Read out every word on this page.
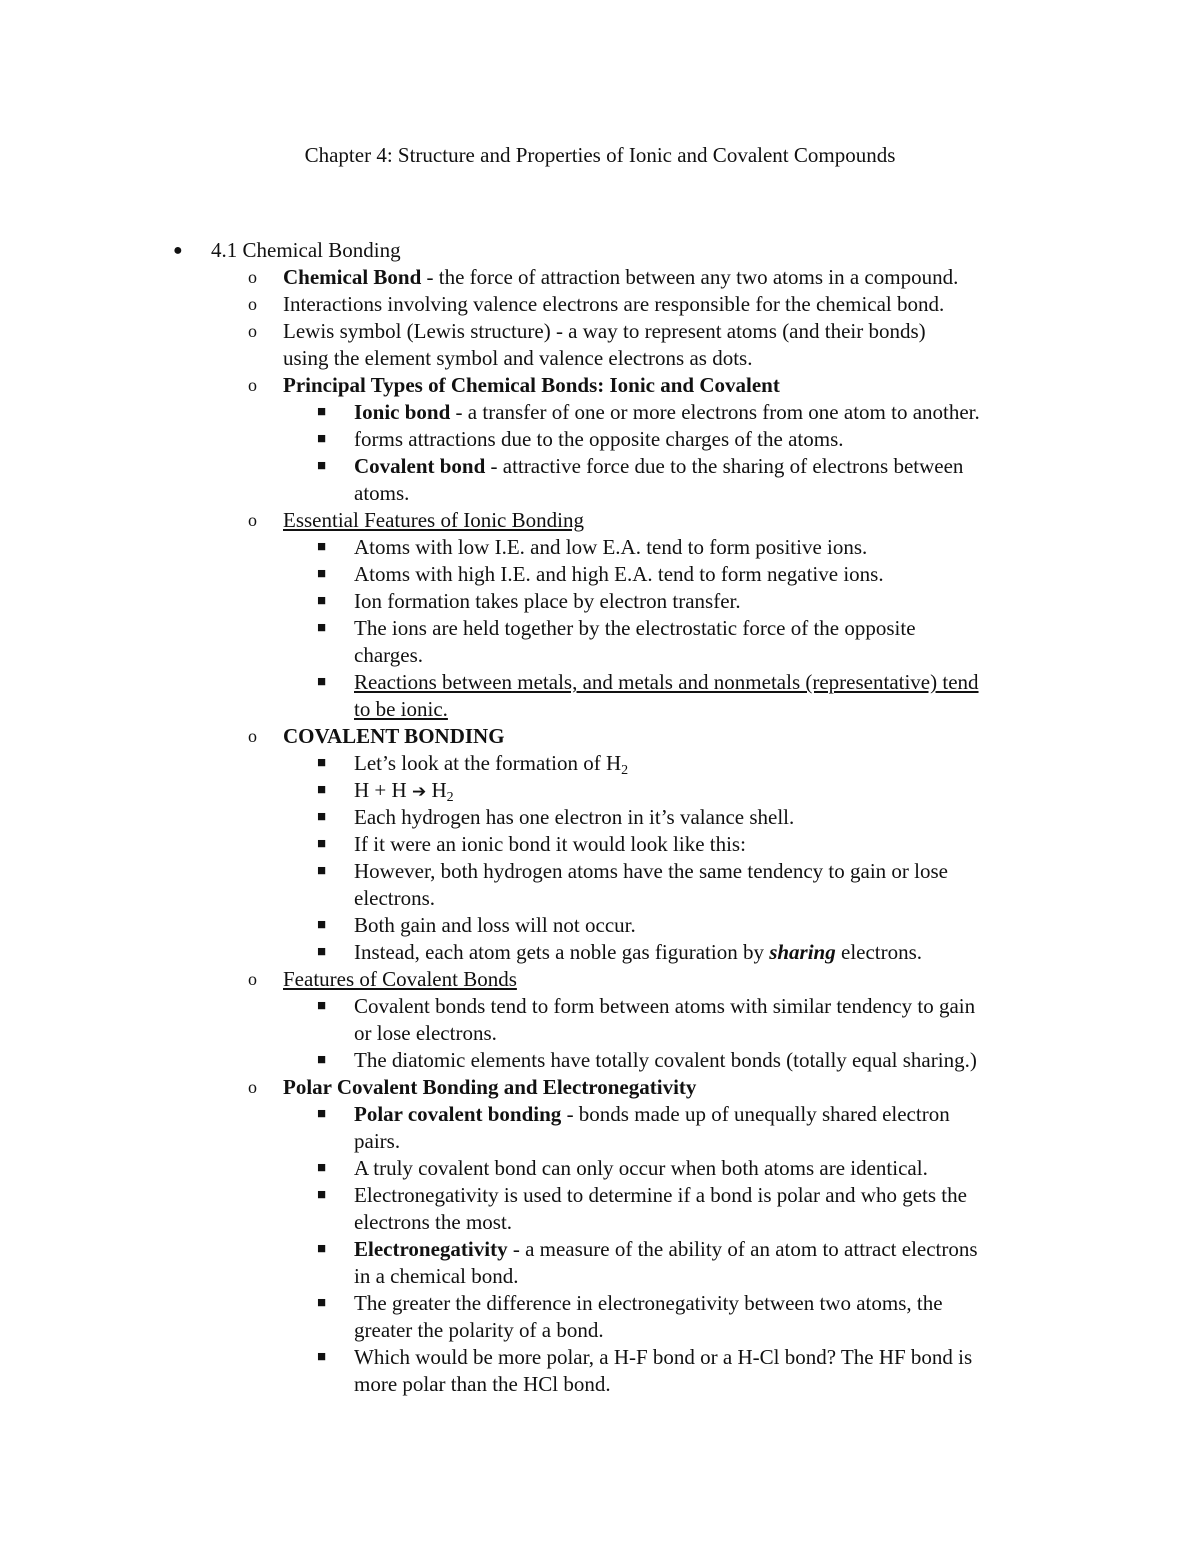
Chapter 4: Structure and Properties of Ionic and Covalent Compounds
● 4.1 Chemical Bonding
o Chemical Bond - the force of attraction between any two atoms in a compound.
o Interactions involving valence electrons are responsible for the chemical bond.
o Lewis symbol (Lewis structure) - a way to represent atoms (and their bonds)
using the element symbol and valence electrons as dots.
o Principal Types of Chemical Bonds: Ionic and Covalent
■ Ionic bond - a transfer of one or more electrons from one atom to another.
■ forms attractions due to the opposite charges of the atoms.
■ Covalent bond - attractive force due to the sharing of electrons between
atoms.
o Essential Features of Ionic Bonding
■ Atoms with low I.E. and low E.A. tend to form positive ions.
■ Atoms with high I.E. and high E.A. tend to form negative ions.
■ Ion formation takes place by electron transfer.
■ The ions are held together by the electrostatic force of the opposite
charges.
■ Reactions between metals, and metals and nonmetals (representative) tend
to be ionic.
o COVALENT BONDING
■ Let’s look at the formation of $H_2$
■ H + H ➔ $H_2$
■ Each hydrogen has one electron in it’s valance shell.
■ If it were an ionic bond it would look like this:
■ However, both hydrogen atoms have the same tendency to gain or lose
electrons.
■ Both gain and loss will not occur.
■ Instead, each atom gets a noble gas figuration by sharing electrons.
o Features of Covalent Bonds
■ Covalent bonds tend to form between atoms with similar tendency to gain
or lose electrons.
■ The diatomic elements have totally covalent bonds (totally equal sharing.)
o Polar Covalent Bonding and Electronegativity
■ Polar covalent bonding - bonds made up of unequally shared electron
pairs.
■ A truly covalent bond can only occur when both atoms are identical.
■ Electronegativity is used to determine if a bond is polar and who gets the
electrons the most.
■ Electronegativity - a measure of the ability of an atom to attract electrons
in a chemical bond.
■ The greater the difference in electronegativity between two atoms, the
greater the polarity of a bond.
■ Which would be more polar, a H-F bond or a H-Cl bond? The HF bond is
more polar than the HCl bond.
